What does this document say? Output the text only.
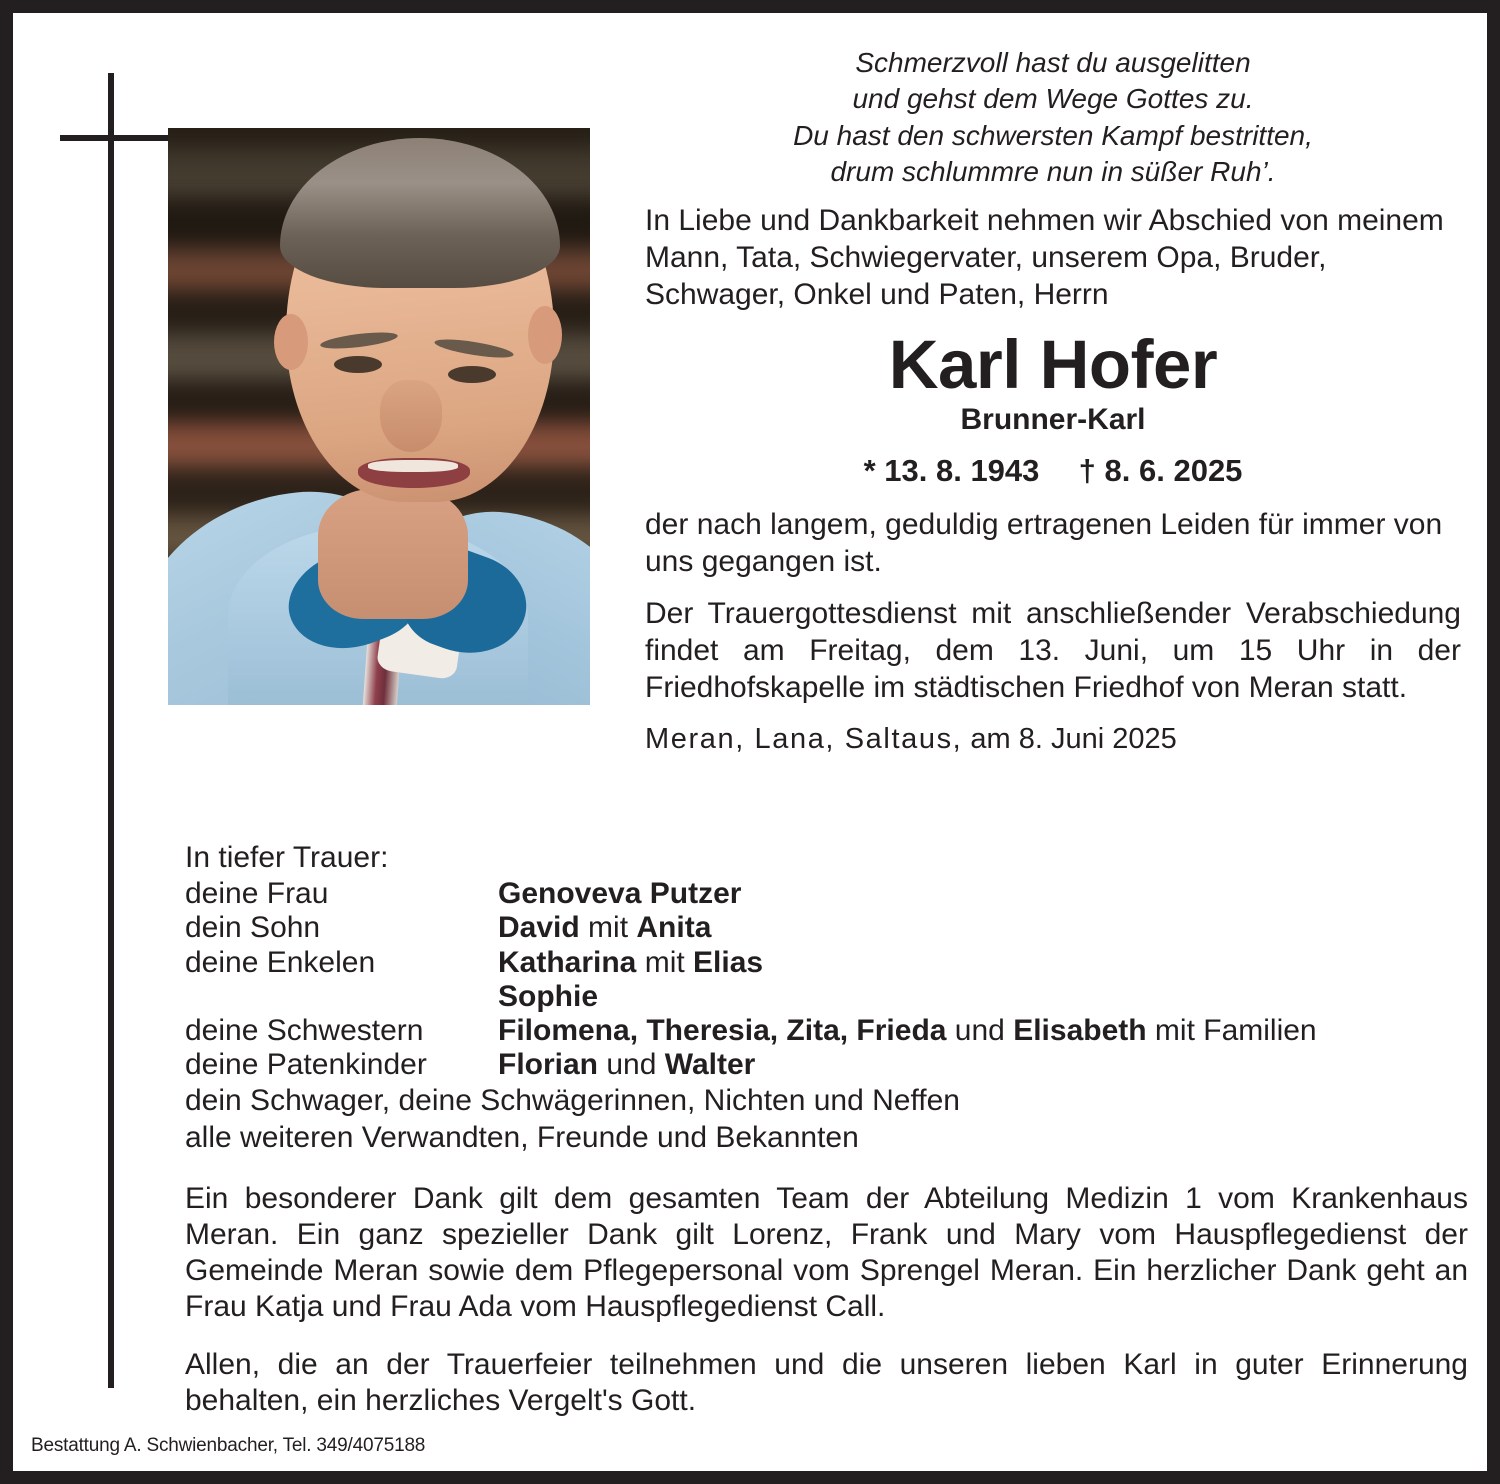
Schmerzvoll hast du ausgelitten
und gehst dem Wege Gottes zu.
Du hast den schwersten Kampf bestritten,
drum schlummre nun in süßer Ruh’.

In Liebe und Dankbarkeit nehmen wir Abschied von meinem Mann, Tata, Schwiegervater, unserem Opa, Bruder, Schwager, Onkel und Paten, Herrn

Karl Hofer
Brunner-Karl
* 13. 8. 1943 † 8. 6. 2025

der nach langem, geduldig ertragenen Leiden für immer von uns gegangen ist.

Der Trauergottesdienst mit anschließender Verabschiedung findet am Freitag, dem 13. Juni, um 15 Uhr in der Friedhofskapelle im städtischen Friedhof von Meran statt.

Meran, Lana, Saltaus, am 8. Juni 2025

In tiefer Trauer:
deine Frau	Genoveva Putzer
dein Sohn	David mit Anita
deine Enkelen	Katharina mit Elias
Sophie
deine Schwestern	Filomena, Theresia, Zita, Frieda und Elisabeth mit Familien
deine Patenkinder	Florian und Walter
dein Schwager, deine Schwägerinnen, Nichten und Neffen
alle weiteren Verwandten, Freunde und Bekannten

Ein besonderer Dank gilt dem gesamten Team der Abteilung Medizin 1 vom Krankenhaus Meran. Ein ganz spezieller Dank gilt Lorenz, Frank und Mary vom Hauspflegedienst der Gemeinde Meran sowie dem Pflegepersonal vom Sprengel Meran. Ein herzlicher Dank geht an Frau Katja und Frau Ada vom Hauspflegedienst Call.

Allen, die an der Trauerfeier teilnehmen und die unseren lieben Karl in guter Erinnerung behalten, ein herzliches Vergelt's Gott.

Bestattung A. Schwienbacher, Tel. 349/4075188
